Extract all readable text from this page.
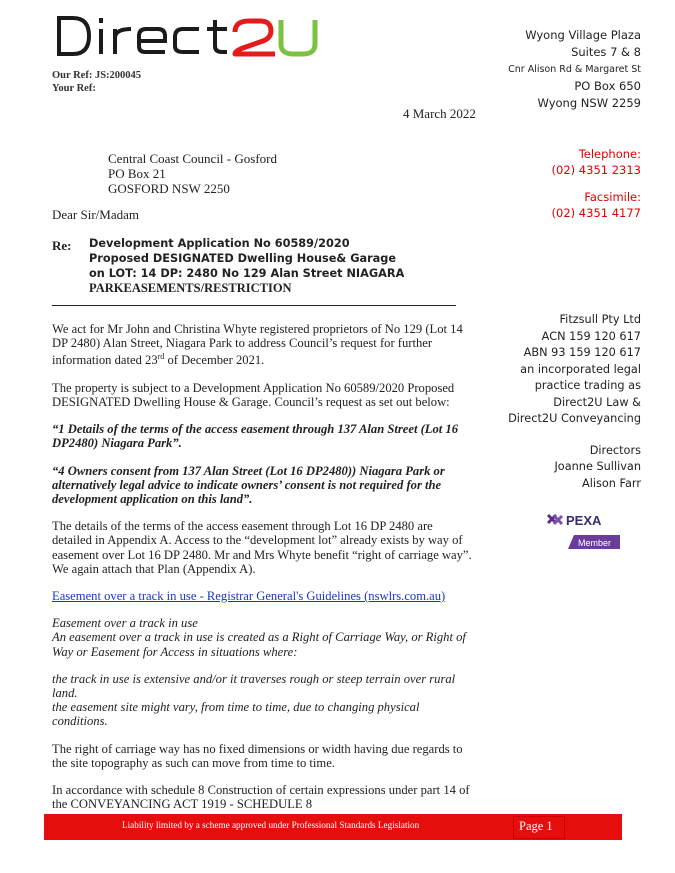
Our Ref: JS:200045
Your Ref:
Wyong Village Plaza
Suites 7 & 8
Cnr Alison Rd & Margaret St
PO Box 650
Wyong NSW 2259
4 March 2022
Central Coast Council - Gosford
PO Box 21
GOSFORD NSW 2250
Telephone:
(02) 4351 2313
Facsimile:
(02) 4351 4177
Dear Sir/Madam
Re: Development Application No 60589/2020
Proposed DESIGNATED Dwelling House& Garage
on LOT: 14 DP: 2480 No 129 Alan Street NIAGARA
PARKEASEMENTS/RESTRICTION
Fitzsull Pty Ltd
ACN 159 120 617
ABN 93 159 120 617
an incorporated legal
practice trading as
Direct2U Law &
Direct2U Conveyancing
Directors
Joanne Sullivan
Alison Farr
PEXA
Member

We act for Mr John and Christina Whyte registered proprietors of No 129 (Lot 14 DP 2480) Alan Street, Niagara Park to address Council’s request for further information dated 23rd of December 2021.

The property is subject to a Development Application No 60589/2020 Proposed DESIGNATED Dwelling House & Garage. Council’s request as set out below:

“1 Details of the terms of the access easement through 137 Alan Street (Lot 16 DP2480) Niagara Park”.

“4 Owners consent from 137 Alan Street (Lot 16 DP2480)) Niagara Park or alternatively legal advice to indicate owners’ consent is not required for the development application on this land”.

The details of the terms of the access easement through Lot 16 DP 2480 are detailed in Appendix A. Access to the “development lot” already exists by way of easement over Lot 16 DP 2480. Mr and Mrs Whyte benefit “right of carriage way”. We again attach that Plan (Appendix A).

Easement over a track in use - Registrar General's Guidelines (nswlrs.com.au)

Easement over a track in use
An easement over a track in use is created as a Right of Carriage Way, or Right of Way or Easement for Access in situations where:

the track in use is extensive and/or it traverses rough or steep terrain over rural land.
the easement site might vary, from time to time, due to changing physical conditions.

The right of carriage way has no fixed dimensions or width having due regards to the site topography as such can move from time to time.

In accordance with schedule 8 Construction of certain expressions under part 14 of the CONVEYANCING ACT 1919 - SCHEDULE 8

Liability limited by a scheme approved under Professional Standards Legislation	Page 1
